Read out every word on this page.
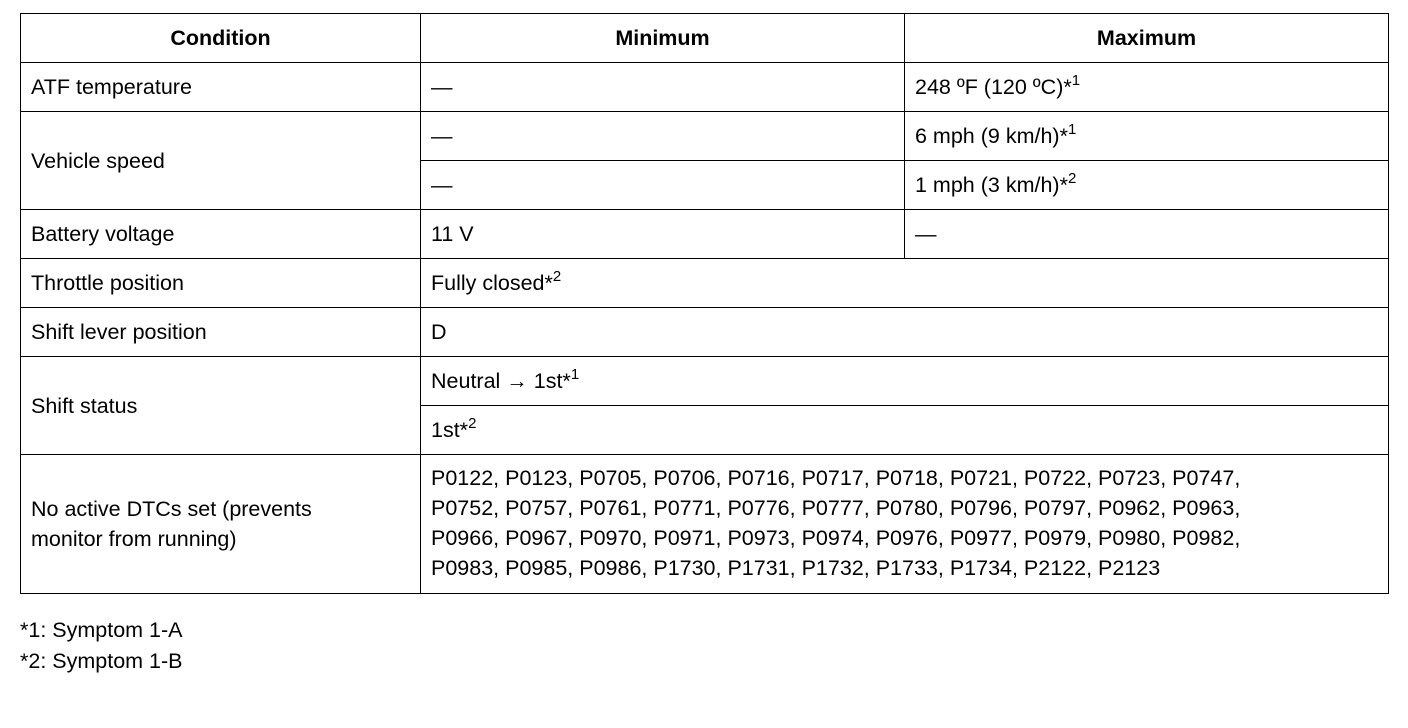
Condition	Minimum	Maximum
ATF temperature	—	248 ºF (120 ºC)*$^1$
Vehicle speed	—	6 mph (9 km/h)*$^1$
	—	1 mph (3 km/h)*$^2$
Battery voltage	11 V	—
Throttle position	Fully closed*$^2$
Shift lever position	D	
Shift status	Neutral → 1st*$^1$
	1st*$^2$
No active DTCs set (prevents
monitor from running)	P0122, P0123, P0705, P0706, P0716, P0717, P0718, P0721, P0722, P0723, P0747,
P0752, P0757, P0761, P0771, P0776, P0777, P0780, P0796, P0797, P0962, P0963,
P0966, P0967, P0970, P0971, P0973, P0974, P0976, P0977, P0979, P0980, P0982,
P0983, P0985, P0986, P1730, P1731, P1732, P1733, P1734, P2122, P2123	
*1: Symptom 1-A
*2: Symptom 1-B
